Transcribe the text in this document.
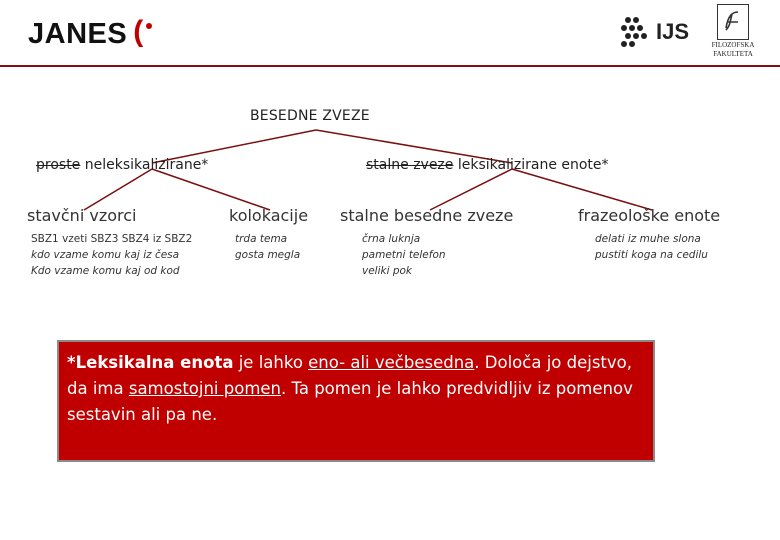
JANES (	IJS
FILOZOFSKA
FAKULTETA
BESEDNE ZVEZE
proste neleksikalizirane*	stalne zveze leksikalizirane enote*
stavčni vzorci	kolokacije stalne besedne zveze	frazeološke enote
SBZ1 vzeti SBZ3 SBZ4 iz SBZ2
kdo vzame komu kaj iz česa
Kdo vzame komu kaj od kod
trda tema
gosta megla
črna luknja
pametni telefon
veliki pok
delati iz muhe slona
pustiti koga na cedilu
*Leksikalna enota je lahko eno- ali večbesedna. Določa jo dejstvo, da ima samostojni pomen. Ta pomen je lahko predvidljiv iz pomenov sestavin ali pa ne.
